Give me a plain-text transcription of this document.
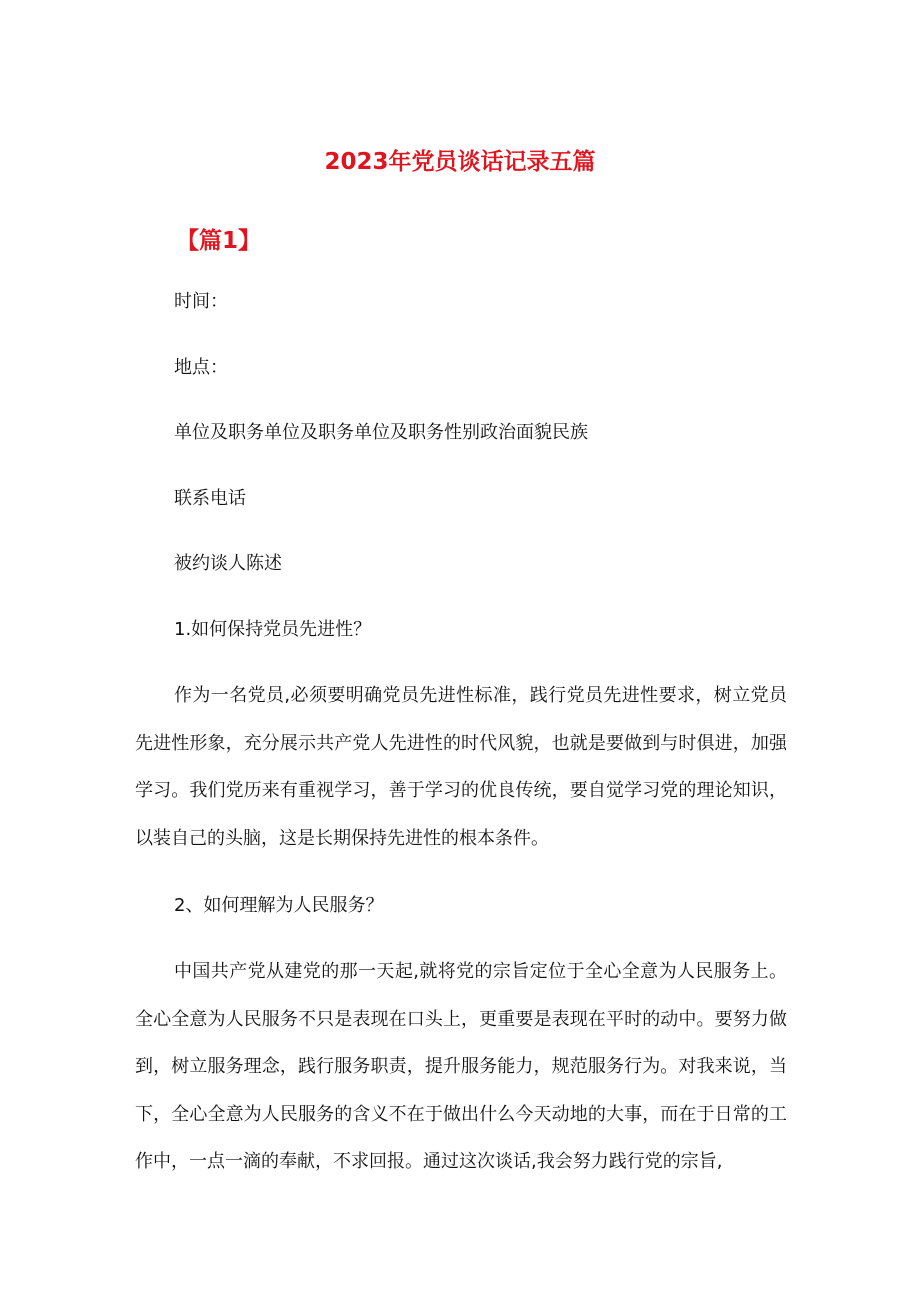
2023年党员谈话记录五篇
【篇1】

时间：

地点：

单位及职务单位及职务单位及职务性别政治面貌民族

联系电话

被约谈人陈述

1.如何保持党员先进性？

作为一名党员,必须要明确党员先进性标准，践行党员先进性要求，树立党员先进性形象，充分展示共产党人先进性的时代风貌，也就是要做到与时俱进，加强学习。我们党历来有重视学习，善于学习的优良传统，要自觉学习党的理论知识，以装自己的头脑，这是长期保持先进性的根本条件。

2、如何理解为人民服务？

中国共产党从建党的那一天起,就将党的宗旨定位于全心全意为人民服务上。全心全意为人民服务不只是表现在口头上，更重要是表现在平时的动中。要努力做到，树立服务理念，践行服务职责，提升服务能力，规范服务行为。对我来说，当下，全心全意为人民服务的含义不在于做出什么今天动地的大事，而在于日常的工作中，一点一滴的奉献，不求回报。通过这次谈话,我会努力践行党的宗旨,
